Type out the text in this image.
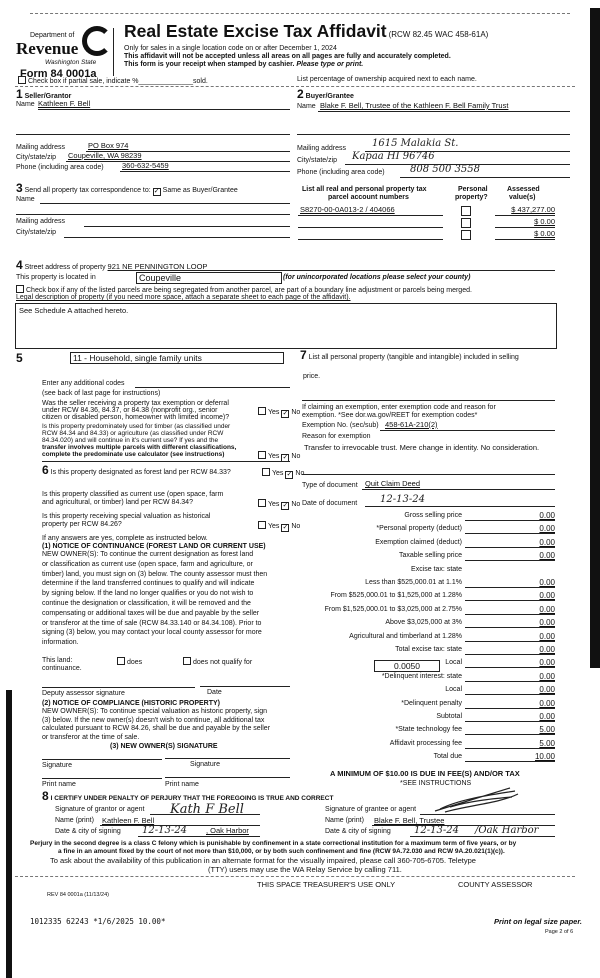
Department of
Revenue
Washington State
Form 84 0001a
Real Estate Excise Tax Affidavit (RCW 82.45 WAC 458-61A)
Only for sales in a single location code on or after December 1, 2024
This affidavit will not be accepted unless all areas on all pages are fully and accurately completed.
This form is your receipt when stamped by cashier. Please type or print.
Check box if partial sale, indicate %______________sold.	List percentage of ownership acquired next to each name.
1 Seller/Grantor
Name Kathleen F. Bell
Mailing address	PO Box 974
City/state/zip Coupeville, WA 98239
Phone (including area code) 360-632-5459
2 Buyer/Grantee
Name Blake F. Bell, Trustee of the Kathleen F. Bell Family Trust
Mailing address	1615 Malakia St.
City/state/zip Kapaa HI 96746
Phone (including area code)	808 500 3558
3 Send all property tax correspondence to: ✓ Same as Buyer/Grantee
Name
Mailing address
City/state/zip
List all real and personal property tax
parcel account numbers
Personal
property?
Assessed
value(s)
S8270-00-0A013-2 / 404066	$ 437,277.00
$ 0.00
$ 0.00
4 Street address of property 921 NE PENNINGTON LOOP
This property is located in	Coupeville	(for unincorporated locations please select your county)
Check box if any of the listed parcels are being segregated from another parcel, are part of a boundary line adjustment or parcels being merged.
Legal description of property (if you need more space, attach a separate sheet to each page of the affidavit).
See Schedule A attached hereto.
5	11 - Household, single family units
Enter any additional codes
(see back of last page for instructions)
Was the seller receiving a property tax exemption or deferral
under RCW 84.36, 84.37, or 84.38 (nonprofit org., senior
citizen or disabled person, homeowner with limited income)?
Yes ✓ No
Is this property predominately used for timber (as classified under
RCW 84.34 and 84.33) or agriculture (as classified under RCW
84.34.020) and will continue in it's current use? If yes and the
transfer involves multiple parcels with different classifications,
complete the predominate use calculator (see instructions)	Yes ✓ No
6 Is this property designated as forest land per RCW 84.33?	Yes ✓ No
Is this property classified as current use (open space, farm
and agricultural, or timber) land per RCW 84.34?	Yes ✓ No
Is this property receiving special valuation as historical
property per RCW 84.26?	Yes ✓ No
If any answers are yes, complete as instructed below.
(1) NOTICE OF CONTINUANCE (FOREST LAND OR CURRENT USE)
NEW OWNER(S): To continue the current designation as forest land
or classification as current use (open space, farm and agriculture, or
timber) land, you must sign on (3) below. The county assessor must then
determine if the land transferred continues to qualify and will indicate
by signing below. If the land no longer qualifies or you do not wish to
continue the designation or classification, it will be removed and the
compensating or additional taxes will be due and payable by the seller
or transferor at the time of sale (RCW 84.33.140 or 84.34.108). Prior to
signing (3) below, you may contact your local county assessor for more
information.
This land:	does	does not qualify for
continuance.
Deputy assessor signature	Date
(2) NOTICE OF COMPLIANCE (HISTORIC PROPERTY)
NEW OWNER(S): To continue special valuation as historic property, sign
(3) below. If the new owner(s) doesn't wish to continue, all additional tax
calculated pursuant to RCW 84.26, shall be due and payable by the seller
or transferor at the time of sale.
(3) NEW OWNER(S) SIGNATURE
Signature	Signature
Print name	Print name
7 List all personal property (tangible and intangible) included in selling
price.
If claiming an exemption, enter exemption code and reason for
exemption. *See dor.wa.gov/REET for exemption codes*
Exemption No. (sec/sub) 458-61A-210(2)
Reason for exemption
Transfer to irrevocable trust. Mere change in identity. No consideration.
Type of document Quit Claim Deed
Date of document 12-13-24
Gross selling price	0.00
*Personal property (deduct)	0.00
Exemption claimed (deduct)	0.00
Taxable selling price	0.00
Excise tax: state
Less than $525,000.01 at 1.1%	0.00
From $525,000.01 to $1,525,000 at 1.28%	0.00
From $1,525,000.01 to $3,025,000 at 2.75%	0.00
Above $3,025,000 at 3%	0.00
Agricultural and timberland at 1.28%	0.00
Total excise tax: state	0.00
Local	0.00
*Delinquent interest: state	0.00
Local	0.00
*Delinquent penalty	0.00
Subtotal	0.00
*State technology fee	5.00
Affidavit processing fee	5.00
Total due	10.00
0.0050
A MINIMUM OF $10.00 IS DUE IN FEE(S) AND/OR TAX
*SEE INSTRUCTIONS
8 I CERTIFY UNDER PENALTY OF PERJURY THAT THE FOREGOING IS TRUE AND CORRECT
Signature of grantor or agent Kath F Bell
Name (print) Kathleen F. Bell
Date & city of signing 12-13-24	, Oak Harbor
Signature of grantee or agent
Name (print) Blake F. Bell, Trustee
Date & city of signing 12-13-24 /Oak Harbor
Perjury in the second degree is a class C felony which is punishable by confinement in a state correctional institution for a maximum term of five years, or by
a fine in an amount fixed by the court of not more than $10,000, or by both such confinement and fine (RCW 9A.72.030 and RCW 9A.20.021(1)(c)).
To ask about the availability of this publication in an alternate format for the visually impaired, please call 360-705-6705. Teletype
(TTY) users may use the WA Relay Service by calling 711.
THIS SPACE TREASURER'S USE ONLY	COUNTY ASSESSOR
REV 84 0001a (11/13/24)
1012335 62243 *1/6/2025 10.00*	Print on legal size paper.
Page 2 of 6
